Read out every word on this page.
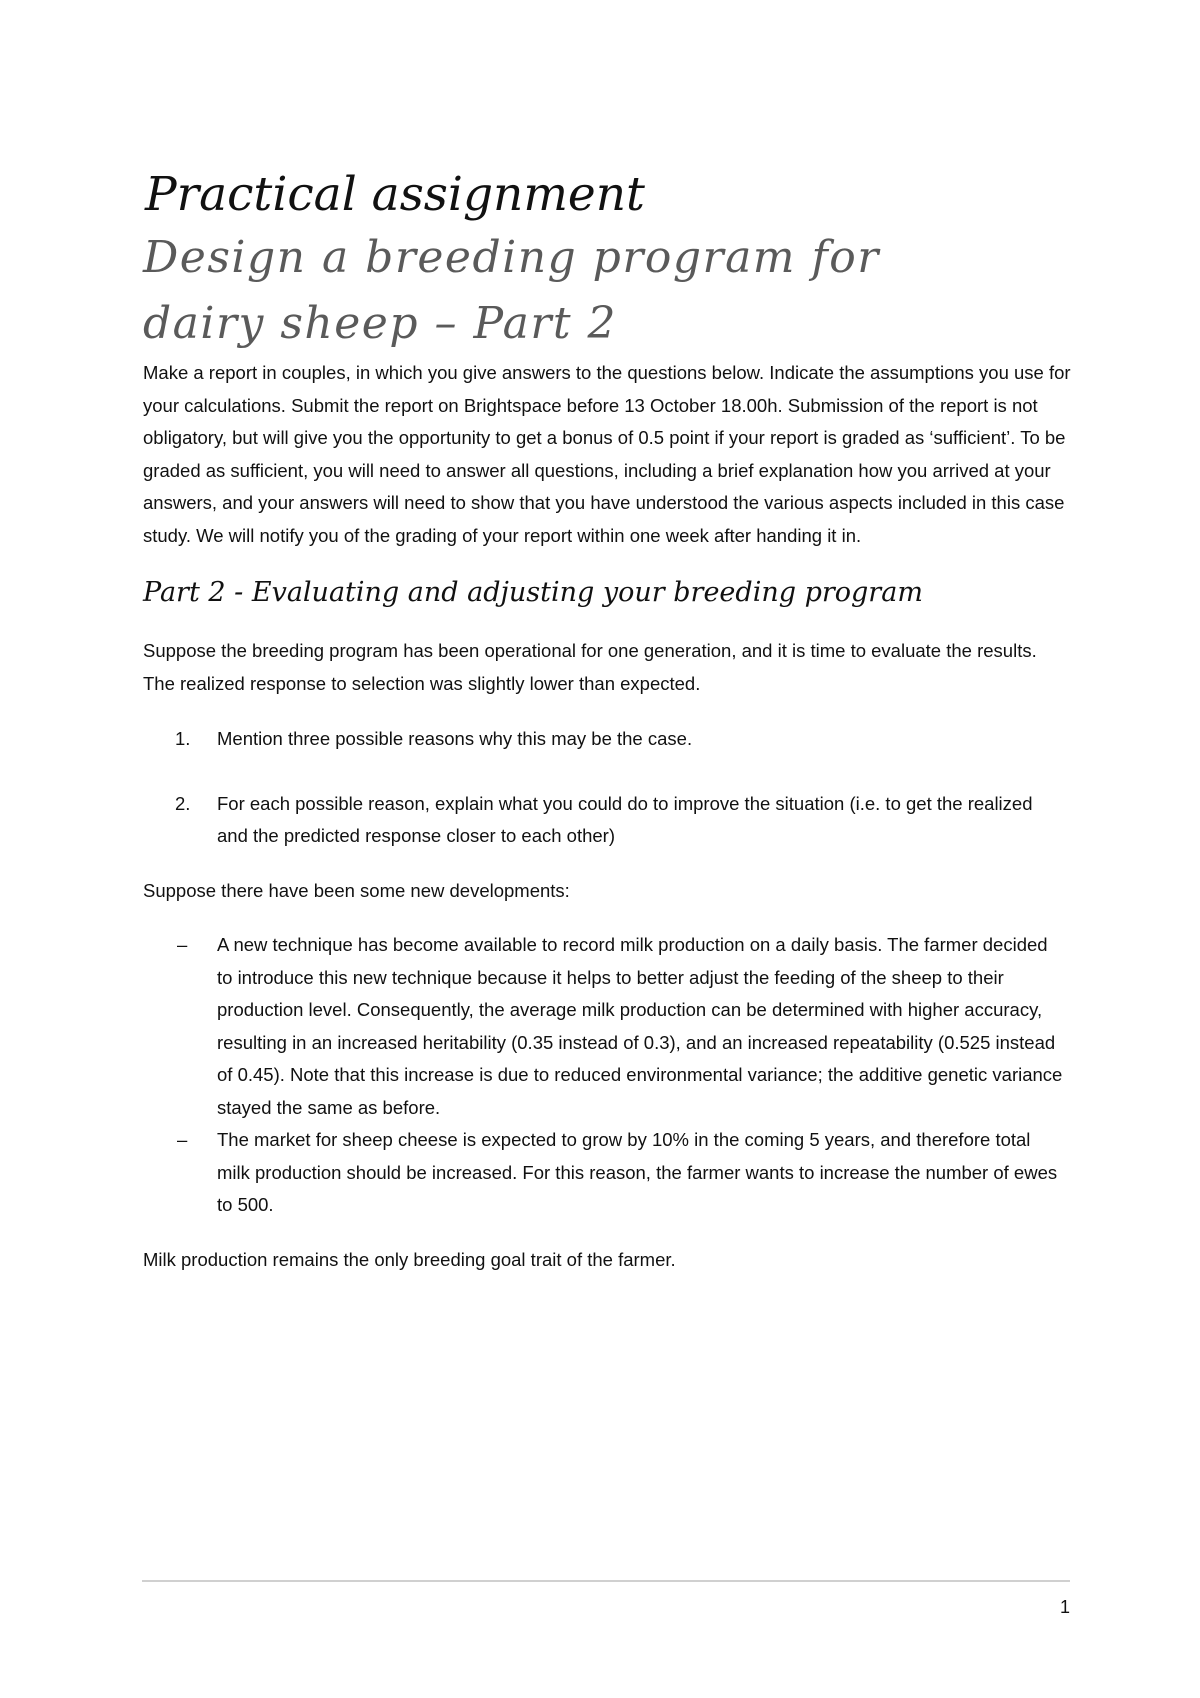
Practical assignment
Design a breeding program for dairy sheep – Part 2

Make a report in couples, in which you give answers to the questions below. Indicate the assumptions you use for your calculations. Submit the report on Brightspace before 13 October 18.00h. Submission of the report is not obligatory, but will give you the opportunity to get a bonus of 0.5 point if your report is graded as ‘sufficient’. To be graded as sufficient, you will need to answer all questions, including a brief explanation how you arrived at your answers, and your answers will need to show that you have understood the various aspects included in this case study. We will notify you of the grading of your report within one week after handing it in.

Part 2 - Evaluating and adjusting your breeding program

Suppose the breeding program has been operational for one generation, and it is time to evaluate the results. The realized response to selection was slightly lower than expected.

1. Mention three possible reasons why this may be the case.
2. For each possible reason, explain what you could do to improve the situation (i.e. to get the realized and the predicted response closer to each other)

Suppose there have been some new developments:

– A new technique has become available to record milk production on a daily basis. The farmer decided to introduce this new technique because it helps to better adjust the feeding of the sheep to their production level. Consequently, the average milk production can be determined with higher accuracy, resulting in an increased heritability (0.35 instead of 0.3), and an increased repeatability (0.525 instead of 0.45). Note that this increase is due to reduced environmental variance; the additive genetic variance stayed the same as before.
– The market for sheep cheese is expected to grow by 10% in the coming 5 years, and therefore total milk production should be increased. For this reason, the farmer wants to increase the number of ewes to 500.

Milk production remains the only breeding goal trait of the farmer.

1
